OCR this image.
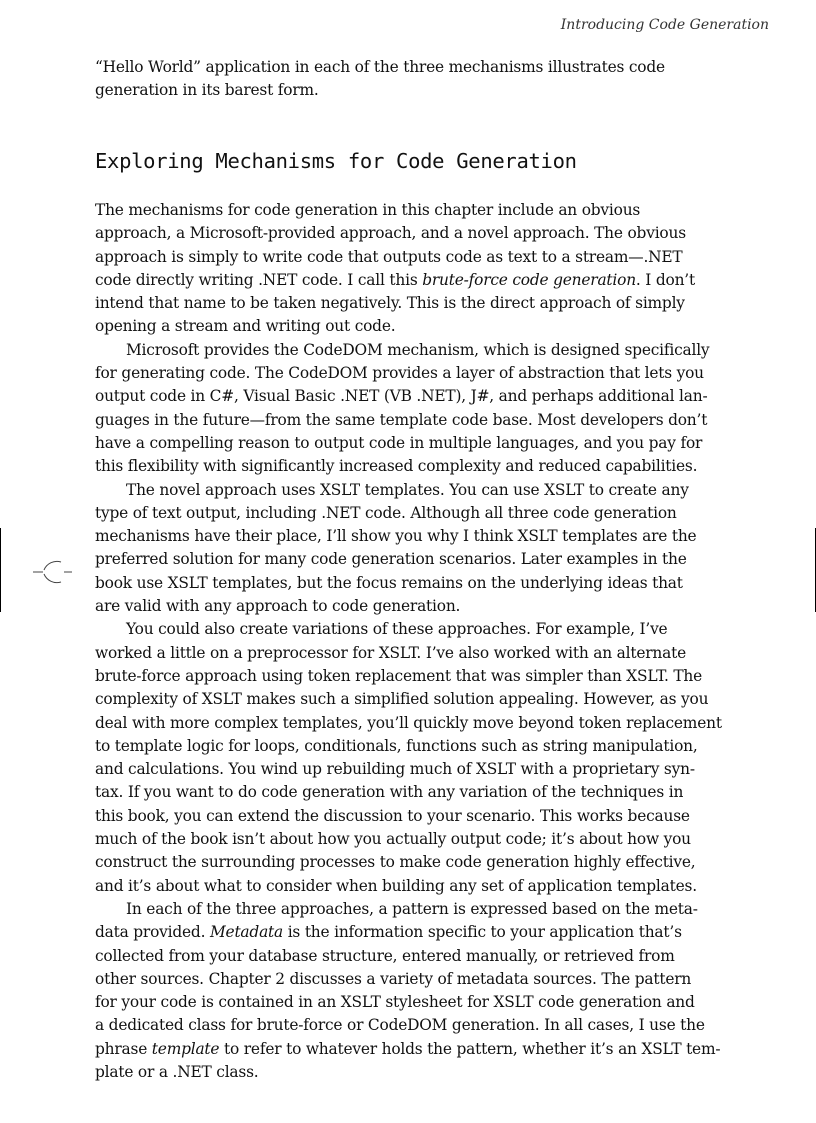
Introducing Code Generation
“Hello World” application in each of the three mechanisms illustrates code
generation in its barest form.
Exploring Mechanisms for Code Generation
The mechanisms for code generation in this chapter include an obvious
approach, a Microsoft-provided approach, and a novel approach. The obvious
approach is simply to write code that outputs code as text to a stream—.NET
code directly writing .NET code. I call this brute-force code generation. I don’t
intend that name to be taken negatively. This is the direct approach of simply
opening a stream and writing out code.
Microsoft provides the CodeDOM mechanism, which is designed specifically
for generating code. The CodeDOM provides a layer of abstraction that lets you
output code in C#, Visual Basic .NET (VB .NET), J#, and perhaps additional lan-
guages in the future—from the same template code base. Most developers don’t
have a compelling reason to output code in multiple languages, and you pay for
this flexibility with significantly increased complexity and reduced capabilities.
The novel approach uses XSLT templates. You can use XSLT to create any
type of text output, including .NET code. Although all three code generation
mechanisms have their place, I’ll show you why I think XSLT templates are the
preferred solution for many code generation scenarios. Later examples in the
book use XSLT templates, but the focus remains on the underlying ideas that
are valid with any approach to code generation.
You could also create variations of these approaches. For example, I’ve
worked a little on a preprocessor for XSLT. I’ve also worked with an alternate
brute-force approach using token replacement that was simpler than XSLT. The
complexity of XSLT makes such a simplified solution appealing. However, as you
deal with more complex templates, you’ll quickly move beyond token replacement
to template logic for loops, conditionals, functions such as string manipulation,
and calculations. You wind up rebuilding much of XSLT with a proprietary syn-
tax. If you want to do code generation with any variation of the techniques in
this book, you can extend the discussion to your scenario. This works because
much of the book isn’t about how you actually output code; it’s about how you
construct the surrounding processes to make code generation highly effective,
and it’s about what to consider when building any set of application templates.
In each of the three approaches, a pattern is expressed based on the meta-
data provided. Metadata is the information specific to your application that’s
collected from your database structure, entered manually, or retrieved from
other sources. Chapter 2 discusses a variety of metadata sources. The pattern
for your code is contained in an XSLT stylesheet for XSLT code generation and
a dedicated class for brute-force or CodeDOM generation. In all cases, I use the
phrase template to refer to whatever holds the pattern, whether it’s an XSLT tem-
plate or a .NET class.
